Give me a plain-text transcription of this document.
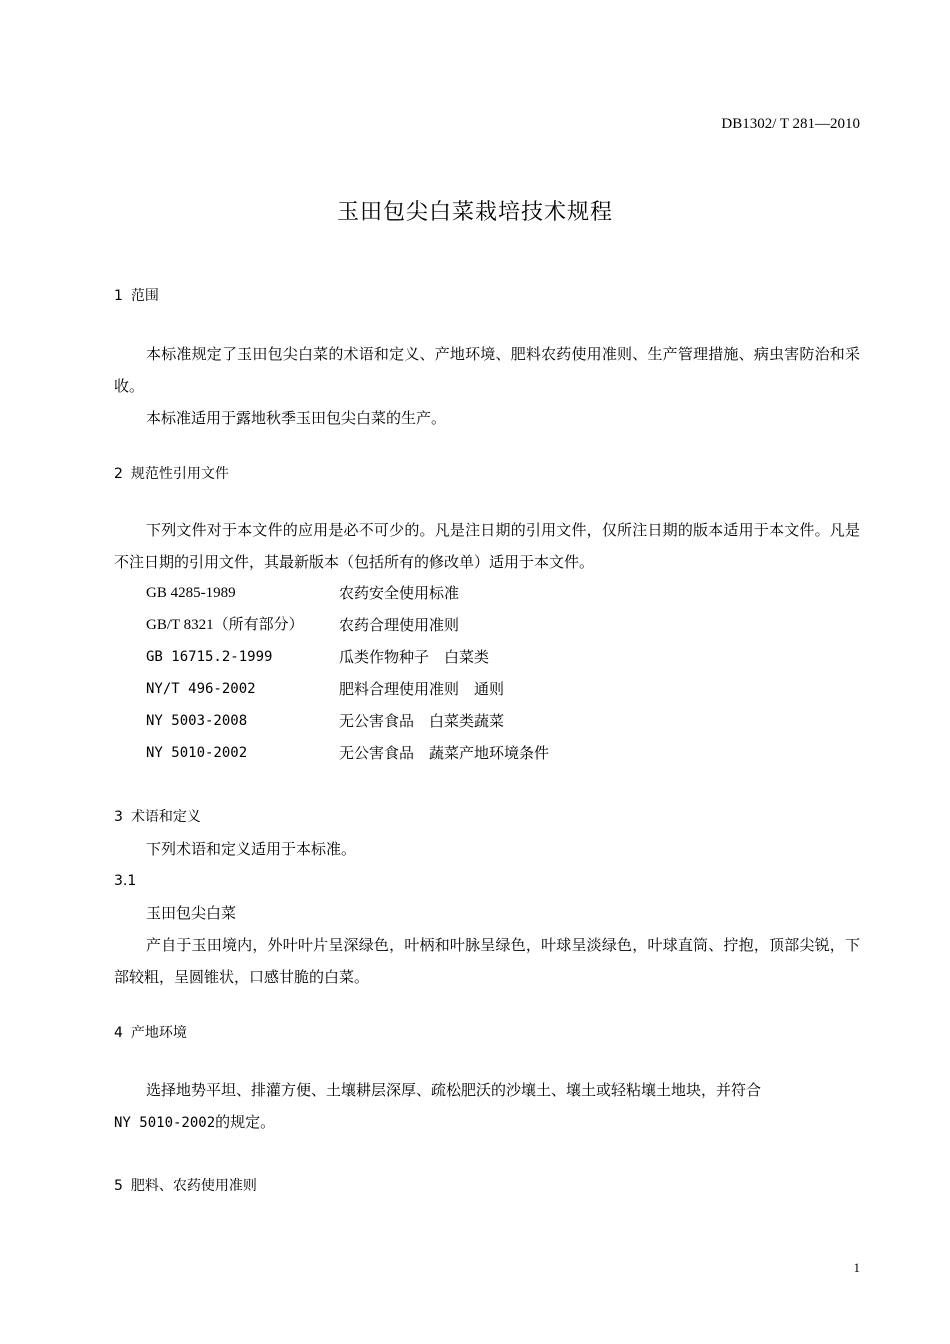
DB1302/ T 281—2010
玉田包尖白菜栽培技术规程
1 范围
本标准规定了玉田包尖白菜的术语和定义、产地环境、肥料农药使用准则、生产管理措施、病虫害防治和采收。
本标准适用于露地秋季玉田包尖白菜的生产。
2 规范性引用文件
下列文件对于本文件的应用是必不可少的。凡是注日期的引用文件，仅所注日期的版本适用于本文件。凡是不注日期的引用文件，其最新版本（包括所有的修改单）适用于本文件。
GB 4285-1989	农药安全使用标准
GB/T 8321（所有部分） 农药合理使用准则
GB 16715.2-1999	瓜类作物种子　白菜类
NY/T 496-2002	肥料合理使用准则　通则
NY 5003-2008	无公害食品　白菜类蔬菜
NY 5010-2002	无公害食品　蔬菜产地环境条件
3 术语和定义
下列术语和定义适用于本标准。
3.1
玉田包尖白菜
产自于玉田境内，外叶叶片呈深绿色，叶柄和叶脉呈绿色，叶球呈淡绿色，叶球直筒、拧抱，顶部尖锐，下部较粗，呈圆锥状，口感甘脆的白菜。
4 产地环境
选择地势平坦、排灌方便、土壤耕层深厚、疏松肥沃的沙壤土、壤土或轻粘壤土地块，并符合
NY 5010-2002的规定。
5 肥料、农药使用准则
1
